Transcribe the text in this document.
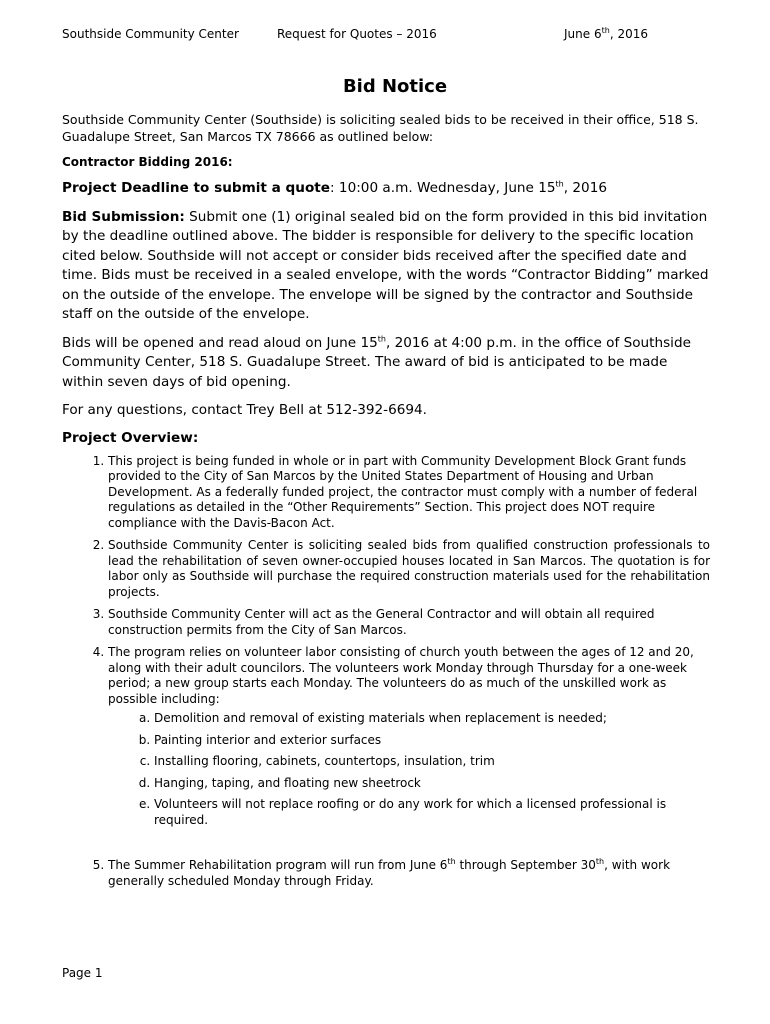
Southside Community Center	Request for Quotes – 2016	June 6th, 2016
Bid Notice

Southside Community Center (Southside) is soliciting sealed bids to be received in their office, 518 S. Guadalupe Street, San Marcos TX 78666 as outlined below:

Contractor Bidding 2016:

Project Deadline to submit a quote: 10:00 a.m. Wednesday, June 15th, 2016

Bid Submission: Submit one (1) original sealed bid on the form provided in this bid invitation by the deadline outlined above. The bidder is responsible for delivery to the specific location cited below. Southside will not accept or consider bids received after the specified date and time. Bids must be received in a sealed envelope, with the words “Contractor Bidding” marked on the outside of the envelope. The envelope will be signed by the contractor and Southside staff on the outside of the envelope.

Bids will be opened and read aloud on June 15th, 2016 at 4:00 p.m. in the office of Southside Community Center, 518 S. Guadalupe Street. The award of bid is anticipated to be made within seven days of bid opening.

For any questions, contact Trey Bell at 512-392-6694.

Project Overview:

1. This project is being funded in whole or in part with Community Development Block Grant funds provided to the City of San Marcos by the United States Department of Housing and Urban Development. As a federally funded project, the contractor must comply with a number of federal regulations as detailed in the “Other Requirements” Section. This project does NOT require compliance with the Davis-Bacon Act.
2. Southside Community Center is soliciting sealed bids from qualified construction professionals to lead the rehabilitation of seven owner-occupied houses located in San Marcos. The quotation is for labor only as Southside will purchase the required construction materials used for the rehabilitation projects.
3. Southside Community Center will act as the General Contractor and will obtain all required construction permits from the City of San Marcos.
4. The program relies on volunteer labor consisting of church youth between the ages of 12 and 20, along with their adult councilors. The volunteers work Monday through Thursday for a one-week period; a new group starts each Monday. The volunteers do as much of the unskilled work as possible including:
a. Demolition and removal of existing materials when replacement is needed;
b. Painting interior and exterior surfaces
c. Installing flooring, cabinets, countertops, insulation, trim
d. Hanging, taping, and floating new sheetrock
e. Volunteers will not replace roofing or do any work for which a licensed professional is required.
5. The Summer Rehabilitation program will run from June 6th through September 30th, with work generally scheduled Monday through Friday.
Page 1
